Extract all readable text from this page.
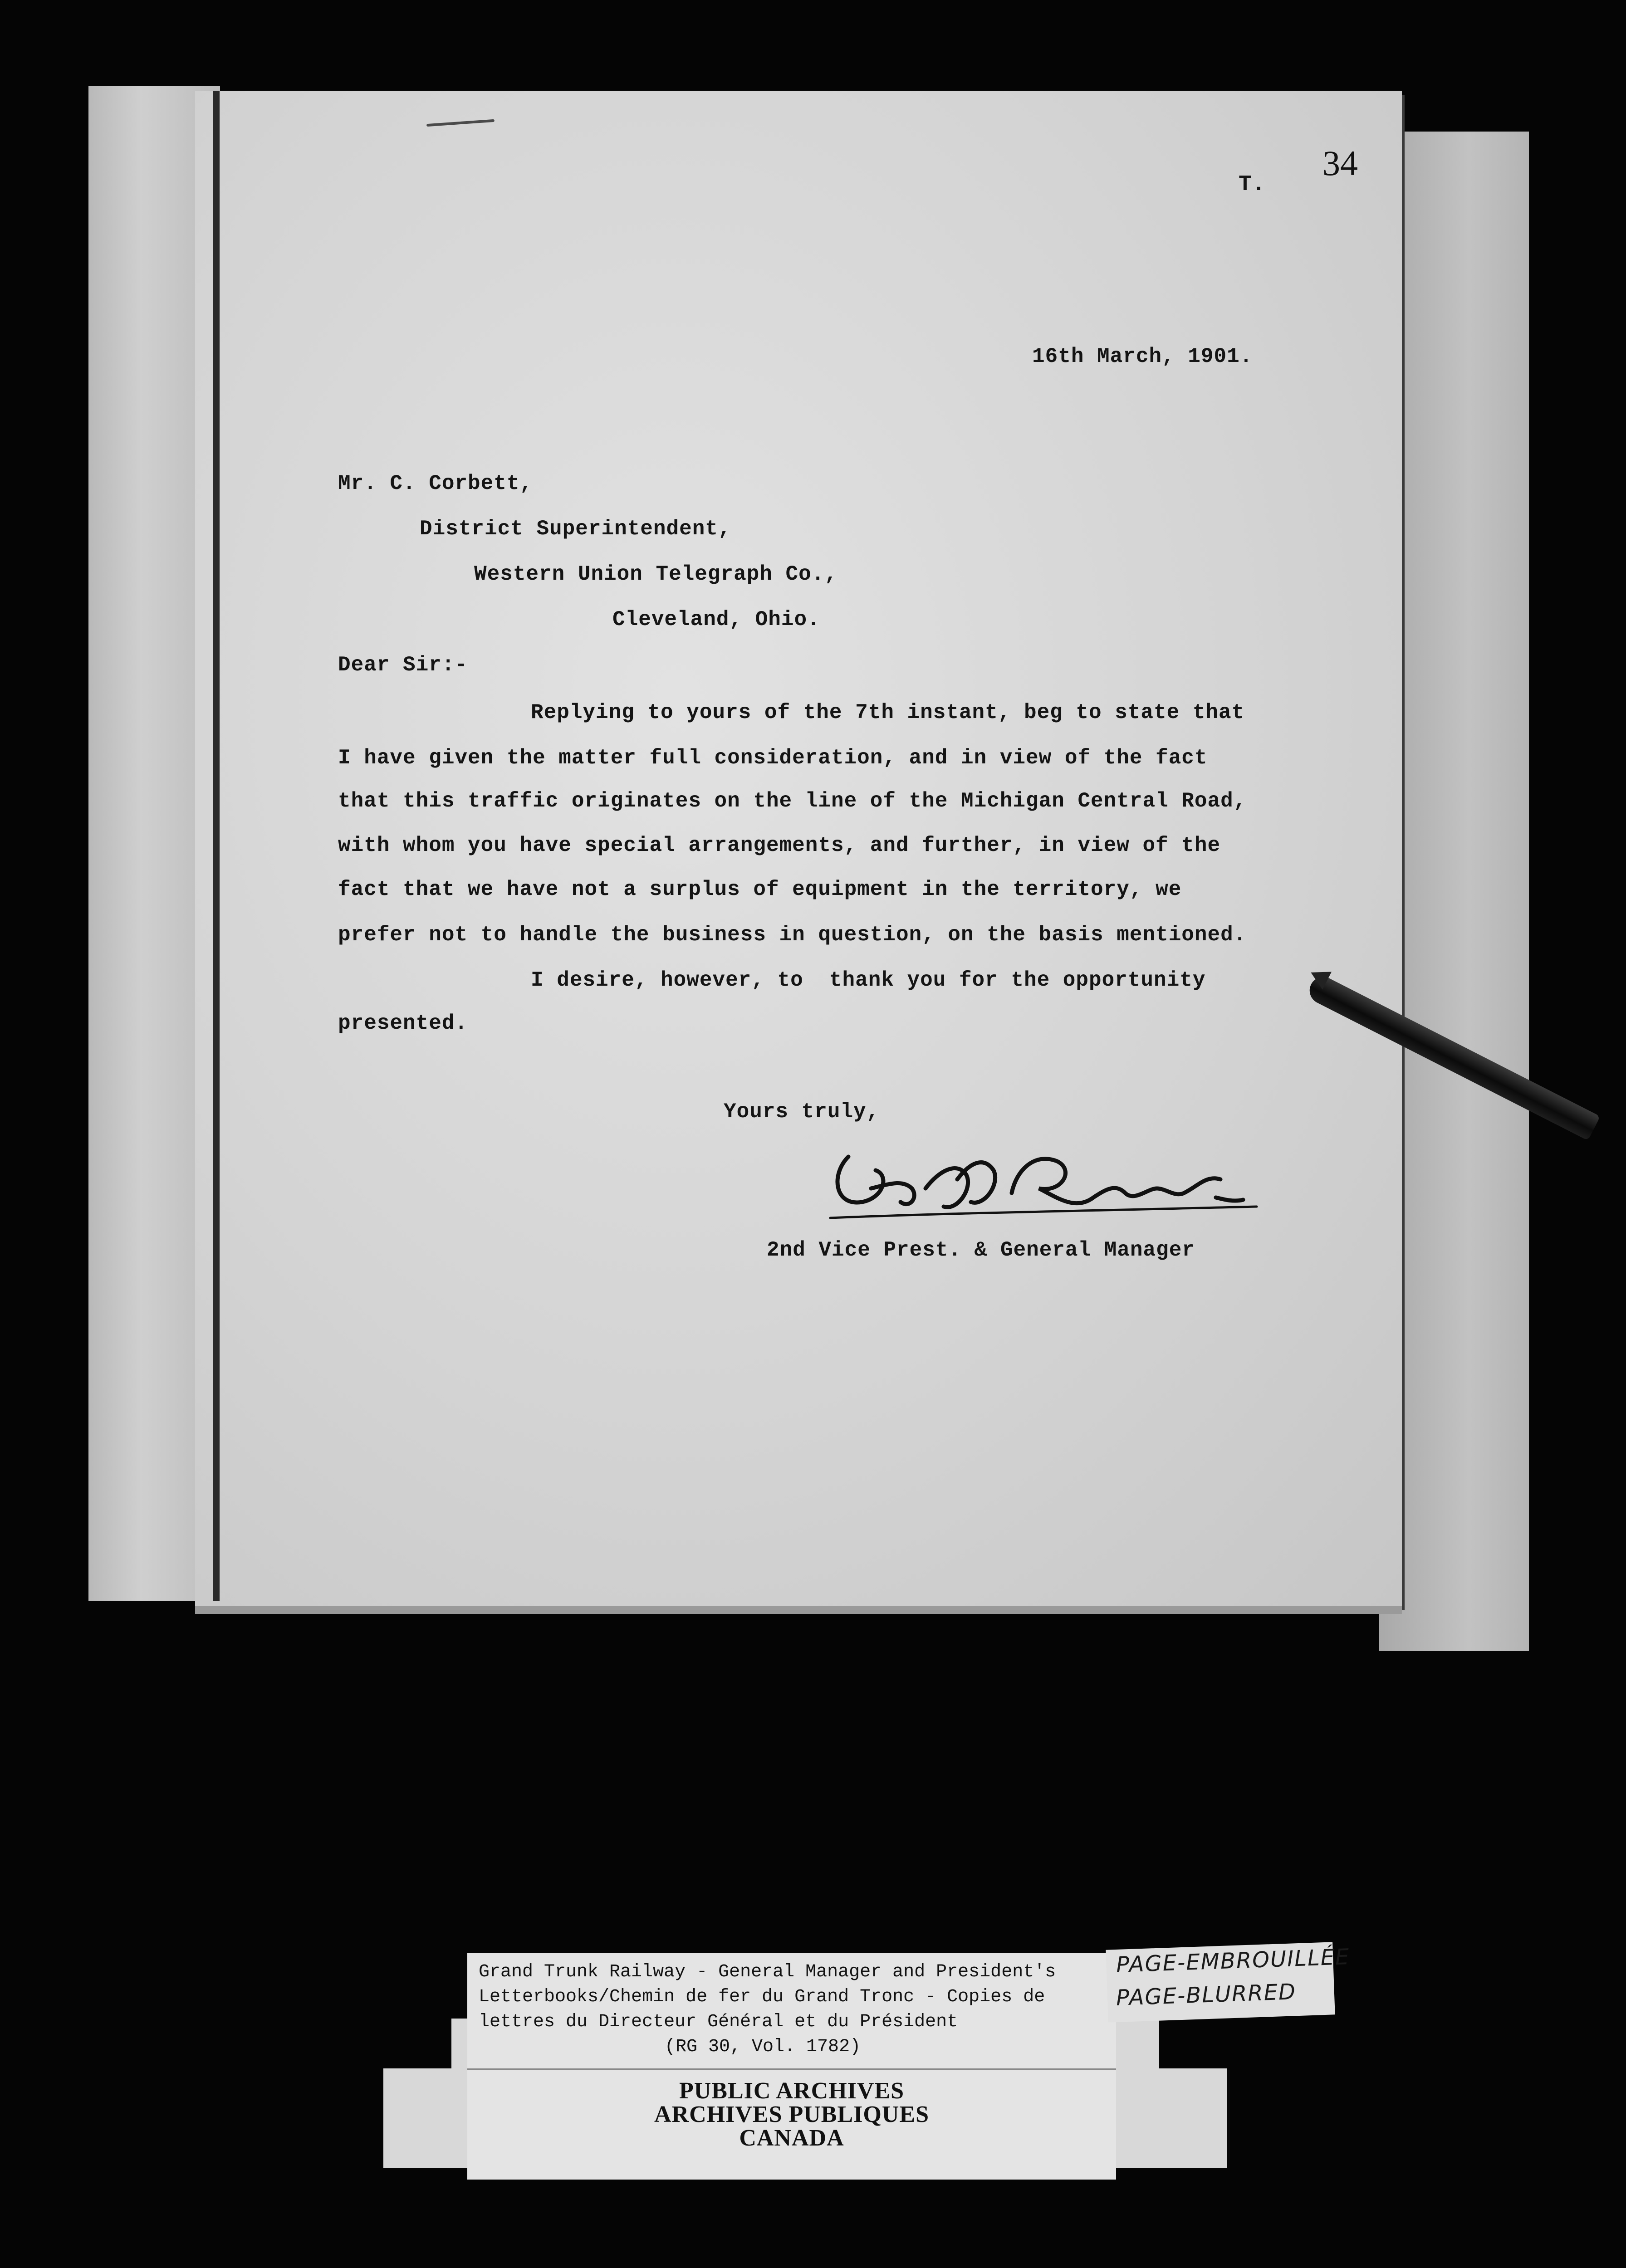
T.
34
16th March, 1901.
Mr. C. Corbett,
District Superintendent,
Western Union Telegraph Co.,
Cleveland, Ohio.
Dear Sir:-
Replying to yours of the 7th instant, beg to state that
I have given the matter full consideration, and in view of the fact
that this traffic originates on the line of the Michigan Central Road,
with whom you have special arrangements, and further, in view of the
fact that we have not a surplus of equipment in the territory, we
prefer not to handle the business in question, on the basis mentioned.
I desire, however, to  thank you for the opportunity
presented.
Yours truly,
2nd Vice Prest. & General Manager
Grand Trunk Railway - General Manager and President's
Letterbooks/Chemin de fer du Grand Tronc - Copies de
lettres du Directeur Général et du Président
(RG 30, Vol. 1782)
PUBLIC ARCHIVES
ARCHIVES PUBLIQUES
CANADA
PAGE-EMBROUILLÉE
PAGE-BLURRED
